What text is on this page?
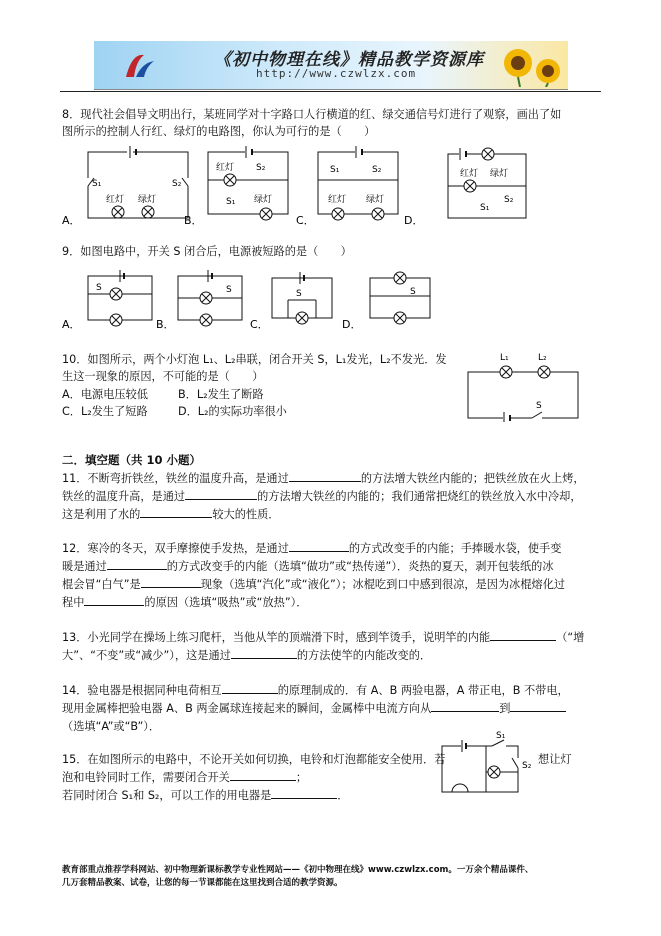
《初中物理在线》精品教学资源库
http://www.czwlzx.com
8．现代社会倡导文明出行，某班同学对十字路口人行横道的红、绿交通信号灯进行了观察，画出了如
图所示的控制人行红、绿灯的电路图，你认为可行的是（　　）
S₁	S₂
红灯 绿灯
A．
红灯 S₂
S₁ 绿灯
B．
S₁	S₂
红灯 绿灯
C．
红灯 绿灯
S₁
S₂
D．
9．如图电路中，开关 S 闭合后，电源被短路的是（　　）
S	S	S	S
A．	B．	C．	D．
10．如图所示，两个小灯泡 L₁、L₂串联，闭合开关 S，L₁发光，L₂不发光．发
生这一现象的原因，不可能的是（　　）
A．电源电压较低	B．L₂发生了断路
C．L₂发生了短路	D．L₂的实际功率很小
L₁	L₂
S
二．填空题（共 10 小题）
11．不断弯折铁丝，铁丝的温度升高，是通过	的方法增大铁丝内能的；把铁丝放在火上烤，
铁丝的温度升高，是通过	的方法增大铁丝的内能的；我们通常把烧红的铁丝放入水中冷却，
这是利用了水的	较大的性质．
12．寒冷的冬天，双手摩擦使手发热，是通过	的方式改变手的内能；手捧暖水袋，使手变
暖是通过	的方式改变手的内能（选填“做功”或“热传递”）．炎热的夏天，剥开包装纸的冰
棍会冒“白气”是	现象（选填“汽化”或“液化”）；冰棍吃到口中感到很凉，是因为冰棍熔化过
程中	的原因（选填“吸热”或“放热”）．
13．小光同学在操场上练习爬杆，当他从竿的顶端滑下时，感到竿烫手，说明竿的内能	（“增
大”、“不变”或“减少”），这是通过	的方法使竿的内能改变的．
14．验电器是根据同种电荷相互	的原理制成的．有 A、B 两验电器，A 带正电，B 不带电，
现用金属棒把验电器 A、B 两金属球连接起来的瞬间，金属棒中电流方向从	到
（选填“A”或“B”）．
15．在如图所示的电路中，不论开关如何切换，电铃和灯泡都能安全使用．若	想让灯
泡和电铃同时工作，需要闭合开关	；
若同时闭合 S₁和 S₂，可以工作的用电器是	．
S₁
S₂
教育部重点推荐学科网站、初中物理新课标教学专业性网站——《初中物理在线》www.czwlzx.com。一万余个精品课件、
几万套精品教案、试卷，让您的每一节课都能在这里找到合适的教学资源。
